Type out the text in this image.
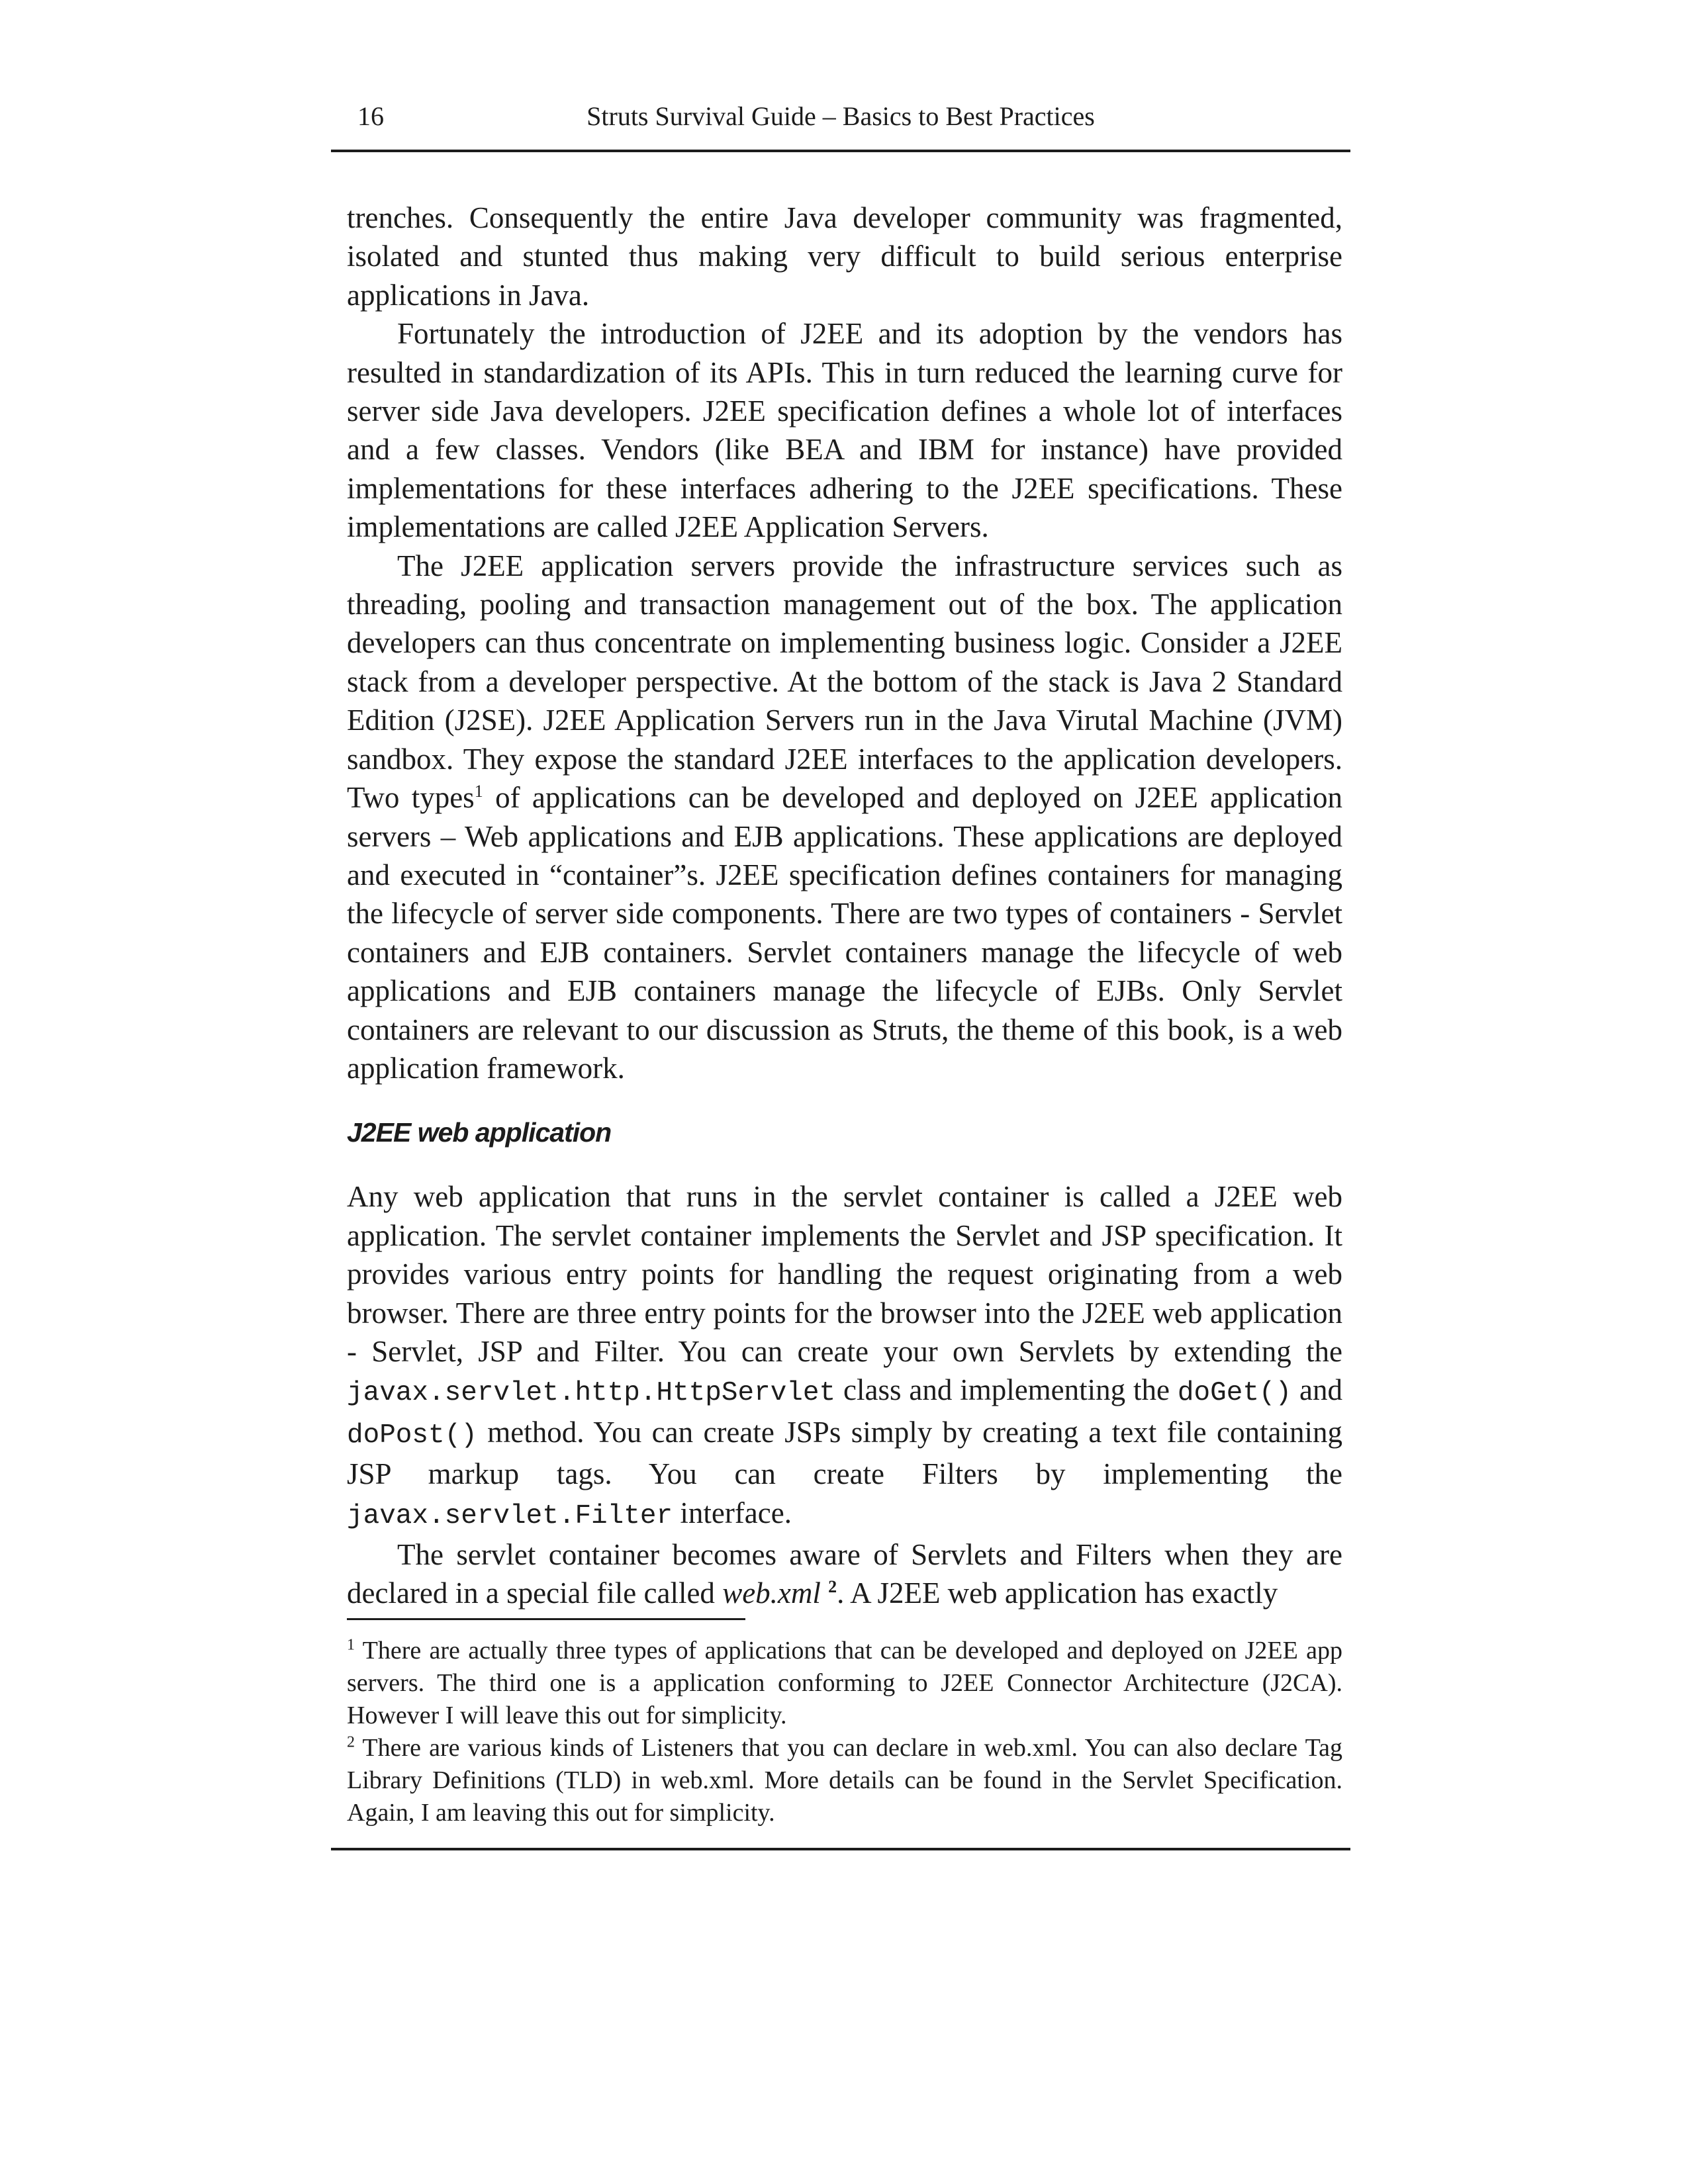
16	Struts Survival Guide – Basics to Best Practices

trenches. Consequently the entire Java developer community was fragmented, isolated and stunted thus making very difficult to build serious enterprise applications in Java.

Fortunately the introduction of J2EE and its adoption by the vendors has resulted in standardization of its APIs. This in turn reduced the learning curve for server side Java developers. J2EE specification defines a whole lot of interfaces and a few classes. Vendors (like BEA and IBM for instance) have provided implementations for these interfaces adhering to the J2EE specifications. These implementations are called J2EE Application Servers.

The J2EE application servers provide the infrastructure services such as threading, pooling and transaction management out of the box. The application developers can thus concentrate on implementing business logic. Consider a J2EE stack from a developer perspective. At the bottom of the stack is Java 2 Standard Edition (J2SE). J2EE Application Servers run in the Java Virutal Machine (JVM) sandbox. They expose the standard J2EE interfaces to the application developers. Two types$^1$ of applications can be developed and deployed on J2EE application servers – Web applications and EJB applications. These applications are deployed and executed in “container”s. J2EE specification defines containers for managing the lifecycle of server side components. There are two types of containers - Servlet containers and EJB containers. Servlet containers manage the lifecycle of web applications and EJB containers manage the lifecycle of EJBs. Only Servlet containers are relevant to our discussion as Struts, the theme of this book, is a web application framework.

J2EE web application

Any web application that runs in the servlet container is called a J2EE web application. The servlet container implements the Servlet and JSP specification. It provides various entry points for handling the request originating from a web browser. There are three entry points for the browser into the J2EE web application - Servlet, JSP and Filter. You can create your own Servlets by extending the javax.servlet.http.HttpServlet class and implementing the doGet() and doPost() method. You can create JSPs simply by creating a text file containing JSP markup tags. You can create Filters by implementing the javax.servlet.Filter interface.

The servlet container becomes aware of Servlets and Filters when they are declared in a special file called web.xml $^2$. A J2EE web application has exactly

$^1$ There are actually three types of applications that can be developed and deployed on J2EE app servers. The third one is a application conforming to J2EE Connector Architecture (J2CA). However I will leave this out for simplicity.

$^2$ There are various kinds of Listeners that you can declare in web.xml. You can also declare Tag Library Definitions (TLD) in web.xml. More details can be found in the Servlet Specification. Again, I am leaving this out for simplicity.
